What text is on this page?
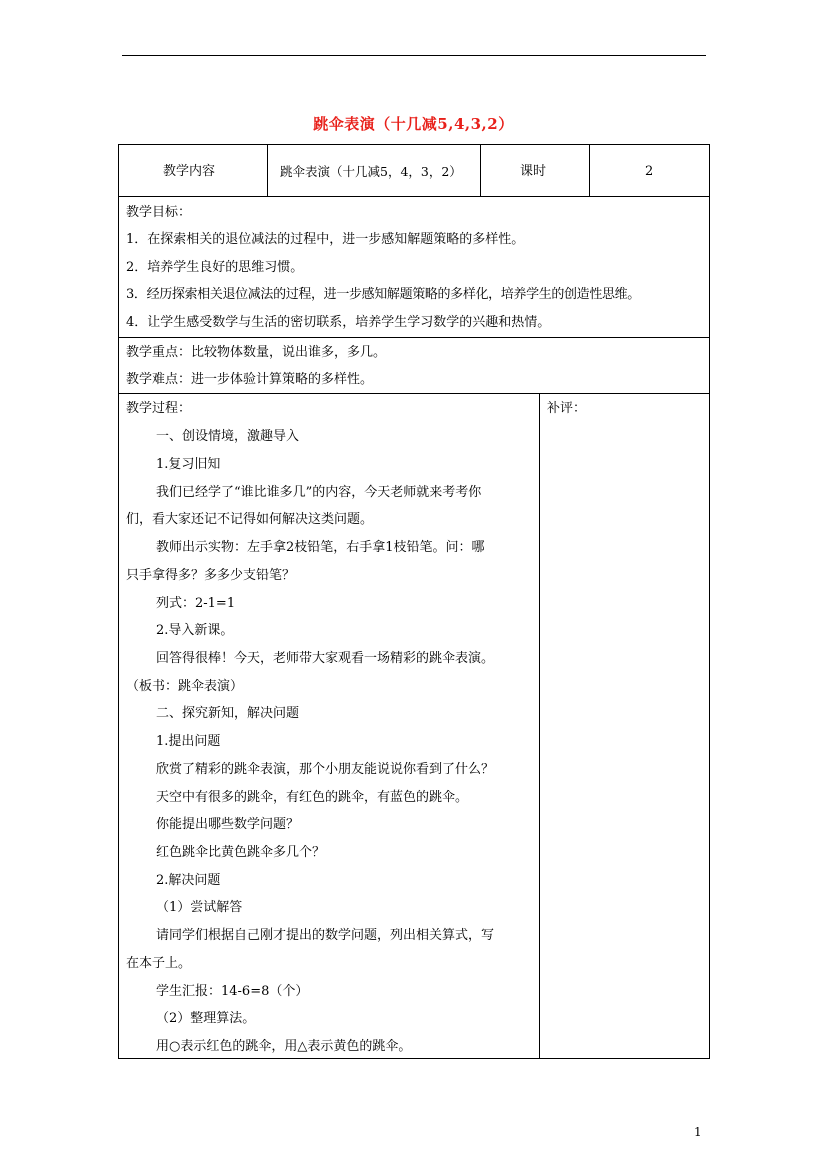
跳伞表演（十几减5,4,3,2）
教学内容	跳伞表演（十几减5，4，3，2）	课时	2
教学目标：
1．在探索相关的退位减法的过程中，进一步感知解题策略的多样性。
2．培养学生良好的思维习惯。
3．经历探索相关退位减法的过程，进一步感知解题策略的多样化，培养学生的创造性思维。
4．让学生感受数学与生活的密切联系，培养学生学习数学的兴趣和热情。
教学重点：比较物体数量，说出谁多，多几。
教学难点：进一步体验计算策略的多样性。
补评：
教学过程：
一、创设情境，激趣导入
1.复习旧知
我们已经学了“谁比谁多几”的内容，今天老师就来考考你
们，看大家还记不记得如何解决这类问题。
教师出示实物：左手拿2枝铅笔，右手拿1枝铅笔。问：哪
只手拿得多？多多少支铅笔？
列式：2-1=1
2.导入新课。
回答得很棒！今天，老师带大家观看一场精彩的跳伞表演。
（板书：跳伞表演）
二、探究新知，解决问题
1.提出问题
欣赏了精彩的跳伞表演，那个小朋友能说说你看到了什么？
天空中有很多的跳伞，有红色的跳伞，有蓝色的跳伞。
你能提出哪些数学问题？
红色跳伞比黄色跳伞多几个？
2.解决问题
（1）尝试解答
请同学们根据自己刚才提出的数学问题，列出相关算式，写
在本子上。
学生汇报：14-6=8（个）
（2）整理算法。
用○表示红色的跳伞，用△表示黄色的跳伞。
1
